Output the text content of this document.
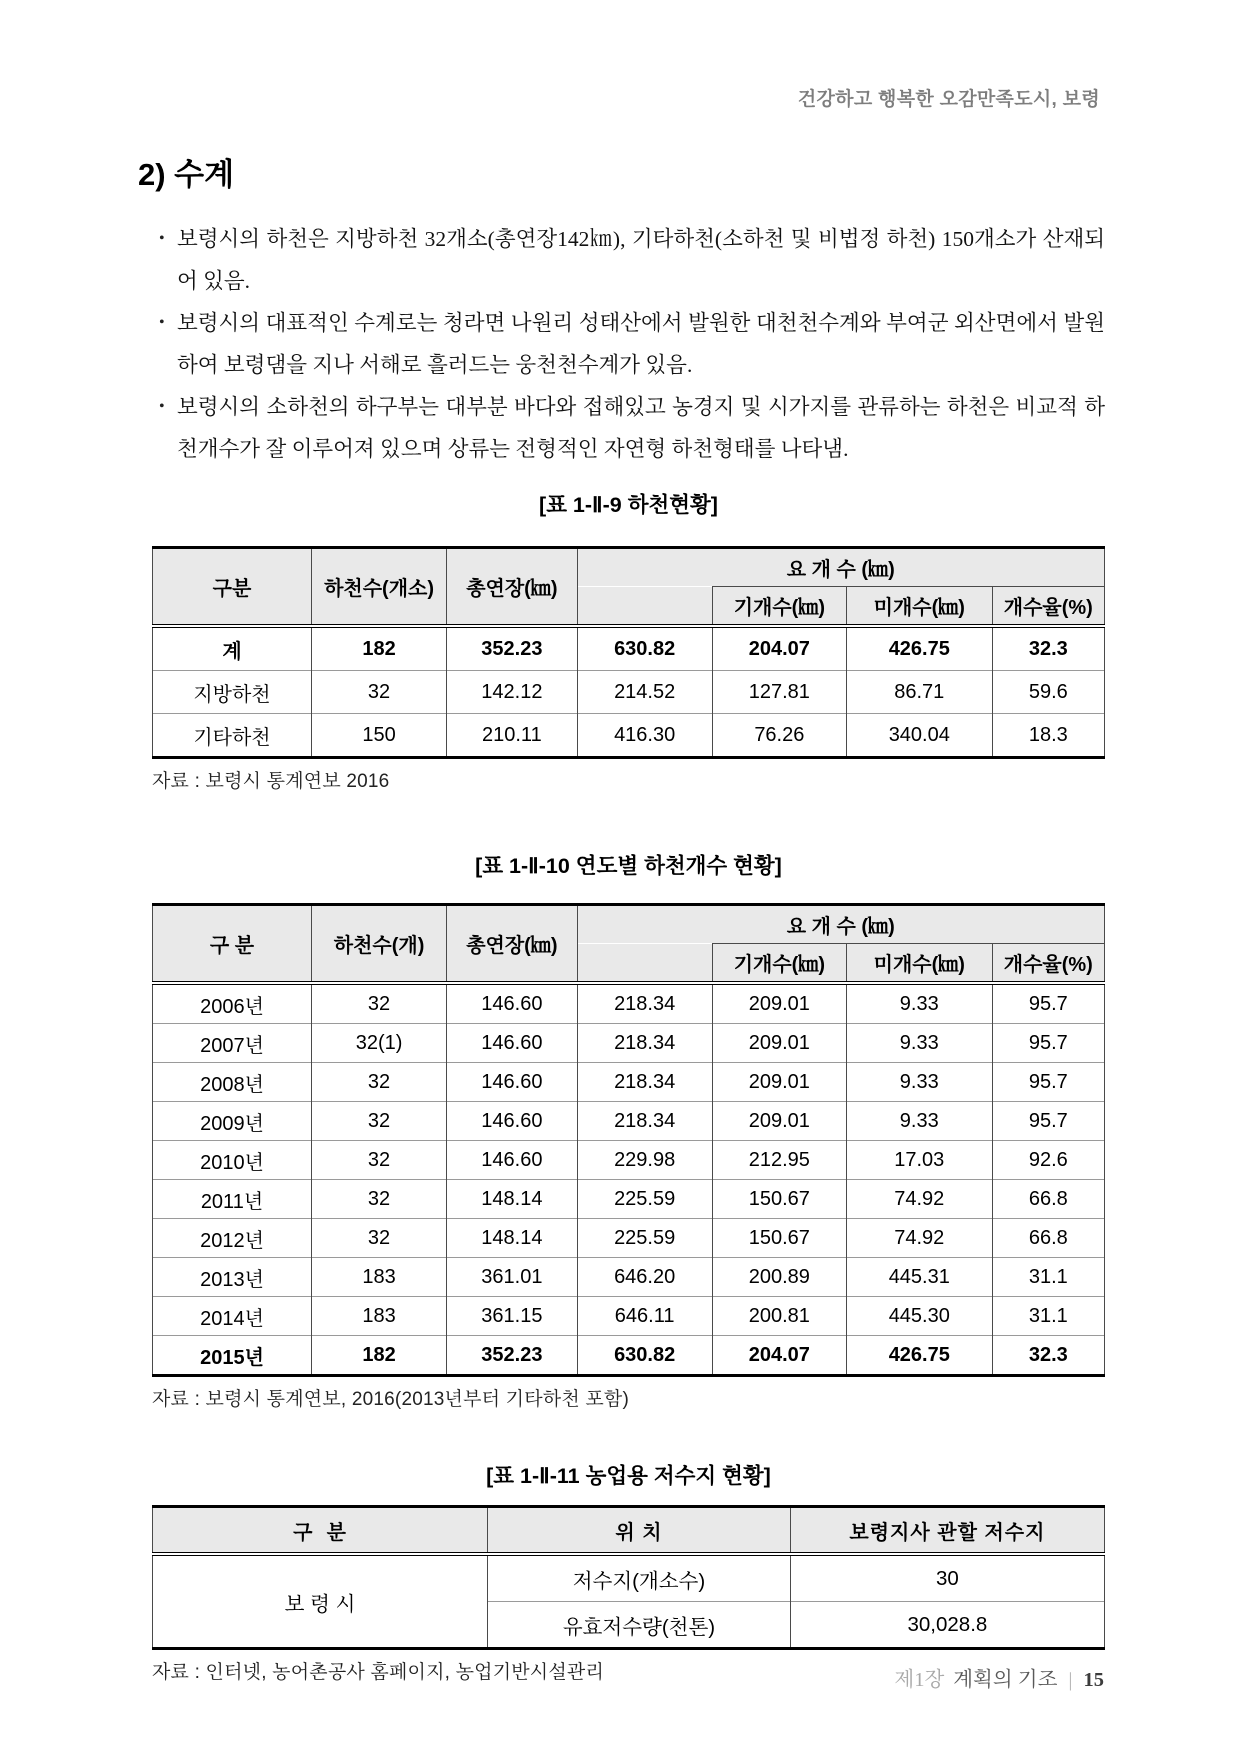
건강하고 행복한 오감만족도시, 보령
2) 수계

• 보령시의 하천은 지방하천 32개소(총연장142㎞), 기타하천(소하천 및 비법정 하천) 150개소가 산재되어 있음.

• 보령시의 대표적인 수계로는 청라면 나원리 성태산에서 발원한 대천천수계와 부여군 외산면에서 발원하여 보령댐을 지나 서해로 흘러드는 웅천천수계가 있음.

• 보령시의 소하천의 하구부는 대부분 바다와 접해있고 농경지 및 시가지를 관류하는 하천은 비교적 하천개수가 잘 이루어져 있으며 상류는 전형적인 자연형 하천형태를 나타냄.

[표 1-Ⅱ-9 하천현황]
구분	하천수(개소)	총연장(㎞)	요 개 수 (㎞)			
				기개수(㎞)	미개수(㎞)	개수율(%)
계	182	352.23	630.82	204.07	426.75	32.3
지방하천	32	142.12	214.52	127.81	86.71	59.6
기타하천	150	210.11	416.30	76.26	340.04	18.3
자료 : 보령시 통계연보 2016
[표 1-Ⅱ-10 연도별 하천개수 현황]
구 분	하천수(개)	총연장(㎞)	요 개 수 (㎞)			
				기개수(㎞)	미개수(㎞)	개수율(%)
2006년	32	146.60	218.34	209.01	9.33	95.7
2007년	32(1)	146.60	218.34	209.01	9.33	95.7
2008년	32	146.60	218.34	209.01	9.33	95.7
2009년	32	146.60	218.34	209.01	9.33	95.7
2010년	32	146.60	229.98	212.95	17.03	92.6
2011년	32	148.14	225.59	150.67	74.92	66.8
2012년	32	148.14	225.59	150.67	74.92	66.8
2013년	183	361.01	646.20	200.89	445.31	31.1
2014년	183	361.15	646.11	200.81	445.30	31.1
2015년	182	352.23	630.82	204.07	426.75	32.3
자료 : 보령시 통계연보, 2016(2013년부터 기타하천 포함)
[표 1-Ⅱ-11 농업용 저수지 현황]
구  분	위 치	보령지사 관할 저수지
보 령 시	저수지(개소수)	30
	유효저수량(천톤)	30,028.8
자료 : 인터넷, 농어촌공사 홈페이지, 농업기반시설관리	제1장 계획의 기조 | 15
